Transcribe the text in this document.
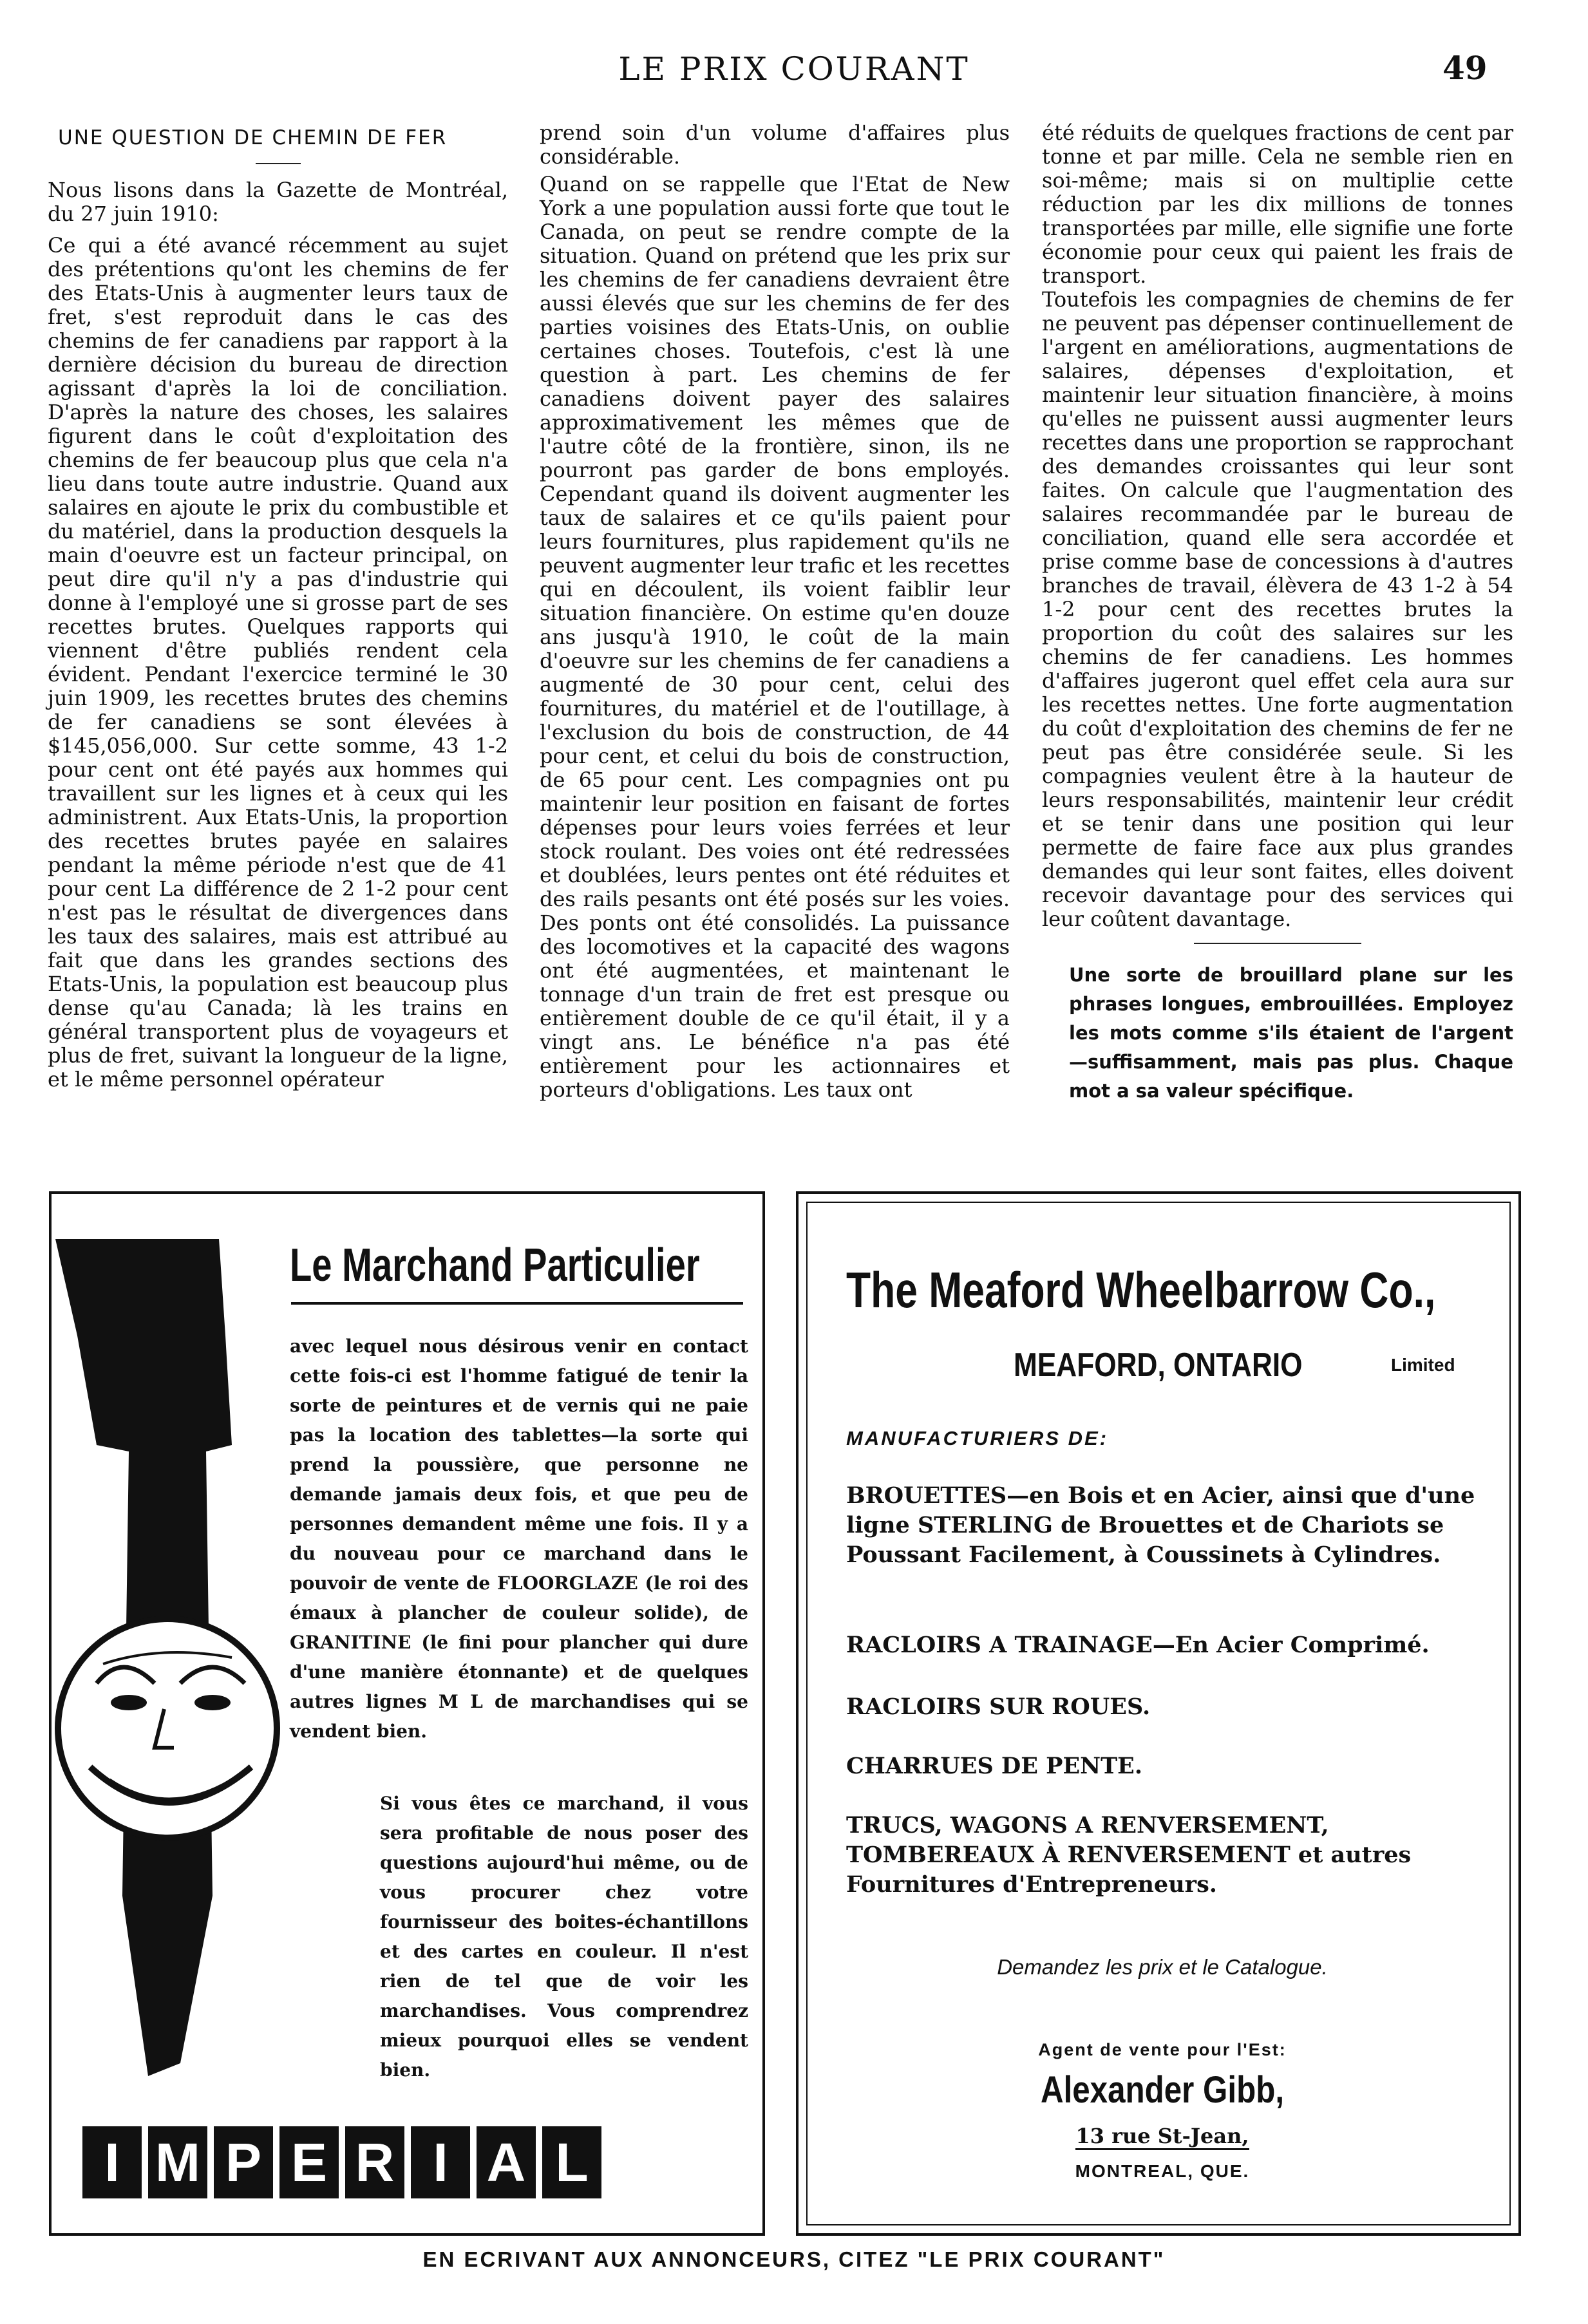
LE PRIX COURANT	49

UNE QUESTION DE CHEMIN DE FER

Nous lisons dans la Gazette de Montréal, du 27 juin 1910:

Ce qui a été avancé récemment au sujet des prétentions qu'ont les chemins de fer des Etats-Unis à augmenter leurs taux de fret, s'est reproduit dans le cas des chemins de fer canadiens par rapport à la dernière décision du bureau de direction agissant d'après la loi de conciliation. D'après la nature des choses, les salaires figurent dans le coût d'exploitation des chemins de fer beaucoup plus que cela n'a lieu dans toute autre industrie. Quand aux salaires en ajoute le prix du combustible et du matériel, dans la production desquels la main d'oeuvre est un facteur principal, on peut dire qu'il n'y a pas d'industrie qui donne à l'employé une si grosse part de ses recettes brutes. Quelques rapports qui viennent d'être publiés rendent cela évident. Pendant l'exercice terminé le 30 juin 1909, les recettes brutes des chemins de fer canadiens se sont élevées à $145,056,000. Sur cette somme, 43 1-2 pour cent ont été payés aux hommes qui travaillent sur les lignes et à ceux qui les administrent. Aux Etats-Unis, la proportion des recettes brutes payée en salaires pendant la même période n'est que de 41 pour cent La différence de 2 1-2 pour cent n'est pas le résultat de divergences dans les taux des salaires, mais est attribué au fait que dans les grandes sections des Etats-Unis, la population est beaucoup plus dense qu'au Canada; là les trains en général transportent plus de voyageurs et plus de fret, suivant la longueur de la ligne, et le même personnel opérateur

prend soin d'un volume d'affaires plus considérable.

Quand on se rappelle que l'Etat de New York a une population aussi forte que tout le Canada, on peut se rendre compte de la situation. Quand on prétend que les prix sur les chemins de fer canadiens devraient être aussi élevés que sur les chemins de fer des parties voisines des Etats-Unis, on oublie certaines choses. Toutefois, c'est là une question à part. Les chemins de fer canadiens doivent payer des salaires approximativement les mêmes que de l'autre côté de la frontière, sinon, ils ne pourront pas garder de bons employés. Cependant quand ils doivent augmenter les taux de salaires et ce qu'ils paient pour leurs fournitures, plus rapidement qu'ils ne peuvent augmenter leur trafic et les recettes qui en découlent, ils voient faiblir leur situation financière. On estime qu'en douze ans jusqu'à 1910, le coût de la main d'oeuvre sur les chemins de fer canadiens a augmenté de 30 pour cent, celui des fournitures, du matériel et de l'outillage, à l'exclusion du bois de construction, de 44 pour cent, et celui du bois de construction, de 65 pour cent. Les compagnies ont pu maintenir leur position en faisant de fortes dépenses pour leurs voies ferrées et leur stock roulant. Des voies ont été redressées et doublées, leurs pentes ont été réduites et des rails pesants ont été posés sur les voies. Des ponts ont été consolidés. La puissance des locomotives et la capacité des wagons ont été augmentées, et maintenant le tonnage d'un train de fret est presque ou entièrement double de ce qu'il était, il y a vingt ans. Le bénéfice n'a pas été entièrement pour les actionnaires et porteurs d'obligations. Les taux ont

été réduits de quelques fractions de cent par tonne et par mille. Cela ne semble rien en soi-même; mais si on multiplie cette réduction par les dix millions de tonnes transportées par mille, elle signifie une forte économie pour ceux qui paient les frais de transport.

Toutefois les compagnies de chemins de fer ne peuvent pas dépenser continuellement de l'argent en améliorations, augmentations de salaires, dépenses d'exploitation, et maintenir leur situation financière, à moins qu'elles ne puissent aussi augmenter leurs recettes dans une proportion se rapprochant des demandes croissantes qui leur sont faites. On calcule que l'augmentation des salaires recommandée par le bureau de conciliation, quand elle sera accordée et prise comme base de concessions à d'autres branches de travail, élèvera de 43 1-2 à 54 1-2 pour cent des recettes brutes la proportion du coût des salaires sur les chemins de fer canadiens. Les hommes d'affaires jugeront quel effet cela aura sur les recettes nettes. Une forte augmentation du coût d'exploitation des chemins de fer ne peut pas être considérée seule. Si les compagnies veulent être à la hauteur de leurs responsabilités, maintenir leur crédit et se tenir dans une position qui leur permette de faire face aux plus grandes demandes qui leur sont faites, elles doivent recevoir davantage pour des services qui leur coûtent davantage.

Une sorte de brouillard plane sur les phrases longues, embrouillées. Employez les mots comme s'ils étaient de l'argent —suffisamment, mais pas plus. Chaque mot a sa valeur spécifique.

Le Marchand Particulier
avec lequel nous désirous venir en contact cette fois-ci est l'homme fatigué de tenir la sorte de peintures et de vernis qui ne paie pas la location des tablettes—la sorte qui prend la poussière, que personne ne demande jamais deux fois, et que peu de personnes demandent même une fois. Il y a du nouveau pour ce marchand dans le pouvoir de vente de FLOORGLAZE (le roi des émaux à plancher de couleur solide), de GRANITINE (le fini pour plancher qui dure d'une manière étonnante) et de quelques autres lignes M L de marchandises qui se vendent bien.
Si vous êtes ce marchand, il vous sera profitable de nous poser des questions aujourd'hui même, ou de vous procurer chez votre fournisseur des boites-échantillons et des cartes en couleur. Il n'est rien de tel que de voir les marchandises. Vous comprendrez mieux pourquoi elles se vendent bien.
I M P E R I A L
The Meaford Wheelbarrow Co.,
MEAFORD, ONTARIO	Limited
MANUFACTURIERS DE:
BROUETTES—en Bois et en Acier, ainsi que d'une ligne STERLING de Brouettes et de Chariots se Poussant Facilement, à Coussinets à Cylindres.
RACLOIRS A TRAINAGE—En Acier Comprimé.
RACLOIRS SUR ROUES.
CHARRUES DE PENTE.
TRUCS, WAGONS A RENVERSEMENT, TOMBEREAUX À RENVERSEMENT et autres Fournitures d'Entrepreneurs.
Demandez les prix et le Catalogue.
Agent de vente pour l'Est:
Alexander Gibb,
13 rue St-Jean,
MONTREAL, QUE.
EN ECRIVANT AUX ANNONCEURS, CITEZ "LE PRIX COURANT"
